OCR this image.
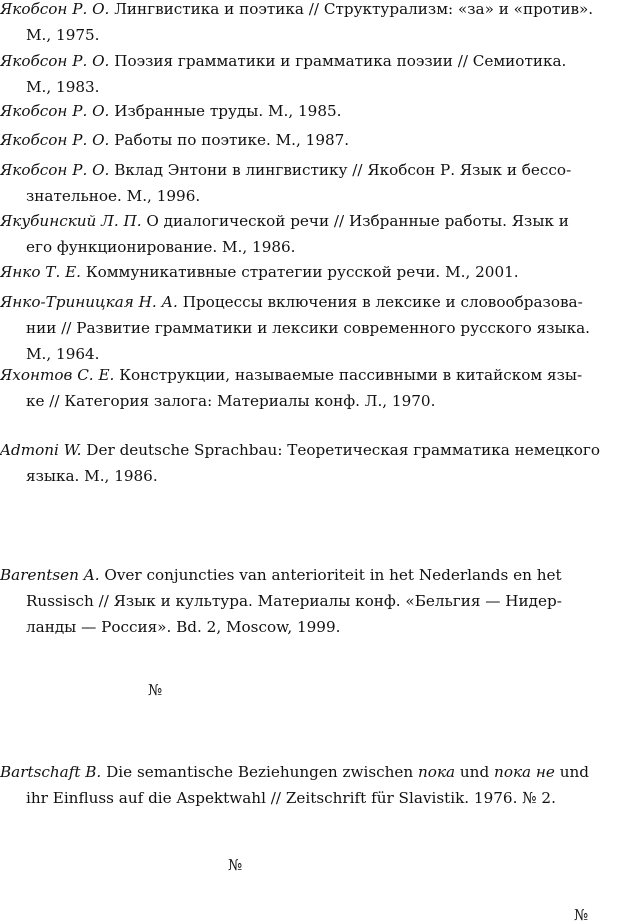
Якобсон Р. О. Лингвистика и поэтика // Структурализм: «за» и «против».
М., 1975.
Якобсон Р. О. Поэзия грамматики и грамматика поэзии // Семиотика.
М., 1983.
Якобсон Р. О. Избранные труды. М., 1985.
Якобсон Р. О. Работы по поэтике. М., 1987.
Якобсон Р. О. Вклад Энтони в лингвистику // Якобсон Р. Язык и бессо-
знательное. М., 1996.
Якубинский Л. П. О диалогической речи // Избранные работы. Язык и
его функционирование. М., 1986.
Янко Т. Е. Коммуникативные стратегии русской речи. М., 2001.
Янко-Триницкая Н. А. Процессы включения в лексике и словообразова-
нии // Развитие грамматики и лексики современного русского языка.
М., 1964.
Яхонтов С. Е. Конструкции, называемые пассивными в китайском язы-
ке // Категория залога: Материалы конф. Л., 1970.
Admoni W. Der deutsche Sprachbau: Теоретическая грамматика немецкого
языка. М., 1986.
Barentsen A. Over conjuncties van anterioriteit in het Nederlands en het
Russisch // Язык и культура. Материалы конф. «Бельгия — Нидер-
ланды — Россия». Bd. 2, Moscow, 1999.
№
Bartschaft B. Die semantische Beziehungen zwischen пока und пока не und
ihr Einfluss auf die Aspektwahl // Zeitschrift für Slavistik. 1976. № 2.
№
№
